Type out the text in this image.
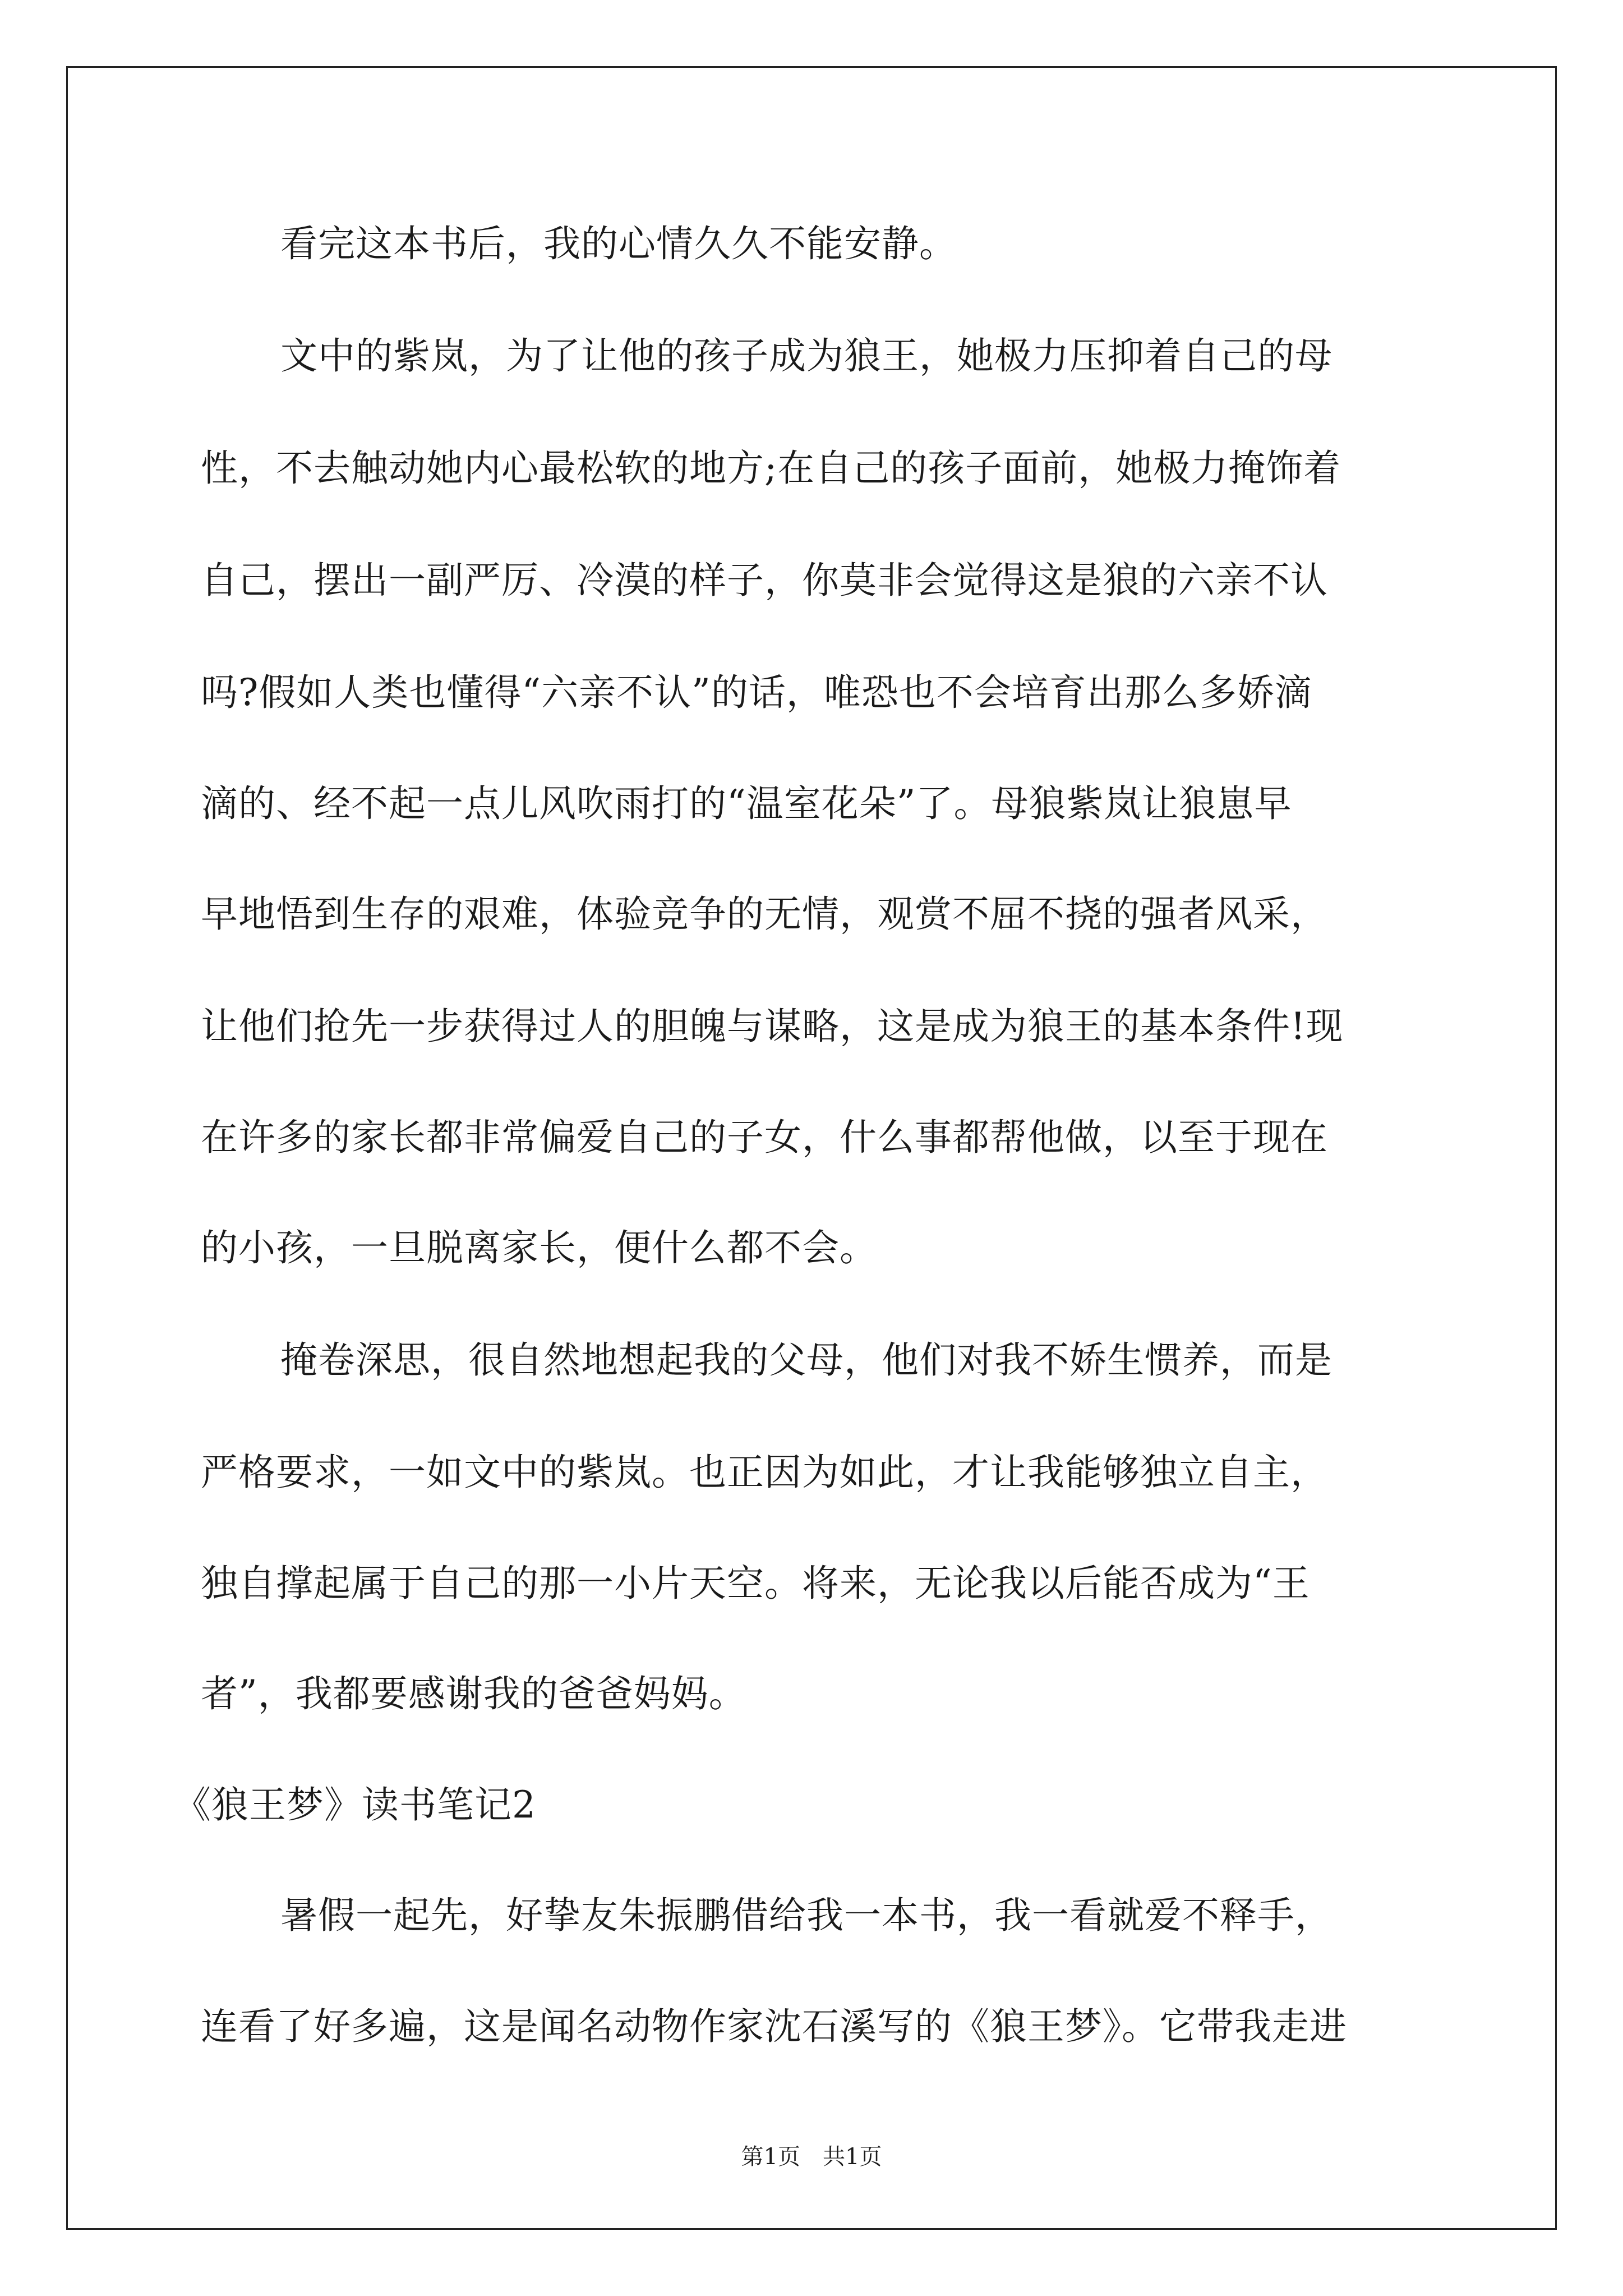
看完这本书后，我的心情久久不能安静。
文中的紫岚，为了让他的孩子成为狼王，她极力压抑着自己的母
性，不去触动她内心最松软的地方;在自己的孩子面前，她极力掩饰着
自己，摆出一副严厉、冷漠的样子，你莫非会觉得这是狼的六亲不认
吗?假如人类也懂得“六亲不认”的话，唯恐也不会培育出那么多娇滴
滴的、经不起一点儿风吹雨打的“温室花朵”了。母狼紫岚让狼崽早
早地悟到生存的艰难，体验竞争的无情，观赏不屈不挠的强者风采，
让他们抢先一步获得过人的胆魄与谋略，这是成为狼王的基本条件!现
在许多的家长都非常偏爱自己的子女，什么事都帮他做，以至于现在
的小孩，一旦脱离家长，便什么都不会。
掩卷深思，很自然地想起我的父母，他们对我不娇生惯养，而是
严格要求，一如文中的紫岚。也正因为如此，才让我能够独立自主，
独自撑起属于自己的那一小片天空。将来，无论我以后能否成为“王
者”，我都要感谢我的爸爸妈妈。
《狼王梦》读书笔记2
暑假一起先，好挚友朱振鹏借给我一本书，我一看就爱不释手，
连看了好多遍，这是闻名动物作家沈石溪写的《狼王梦》。它带我走进
第1页　共1页
